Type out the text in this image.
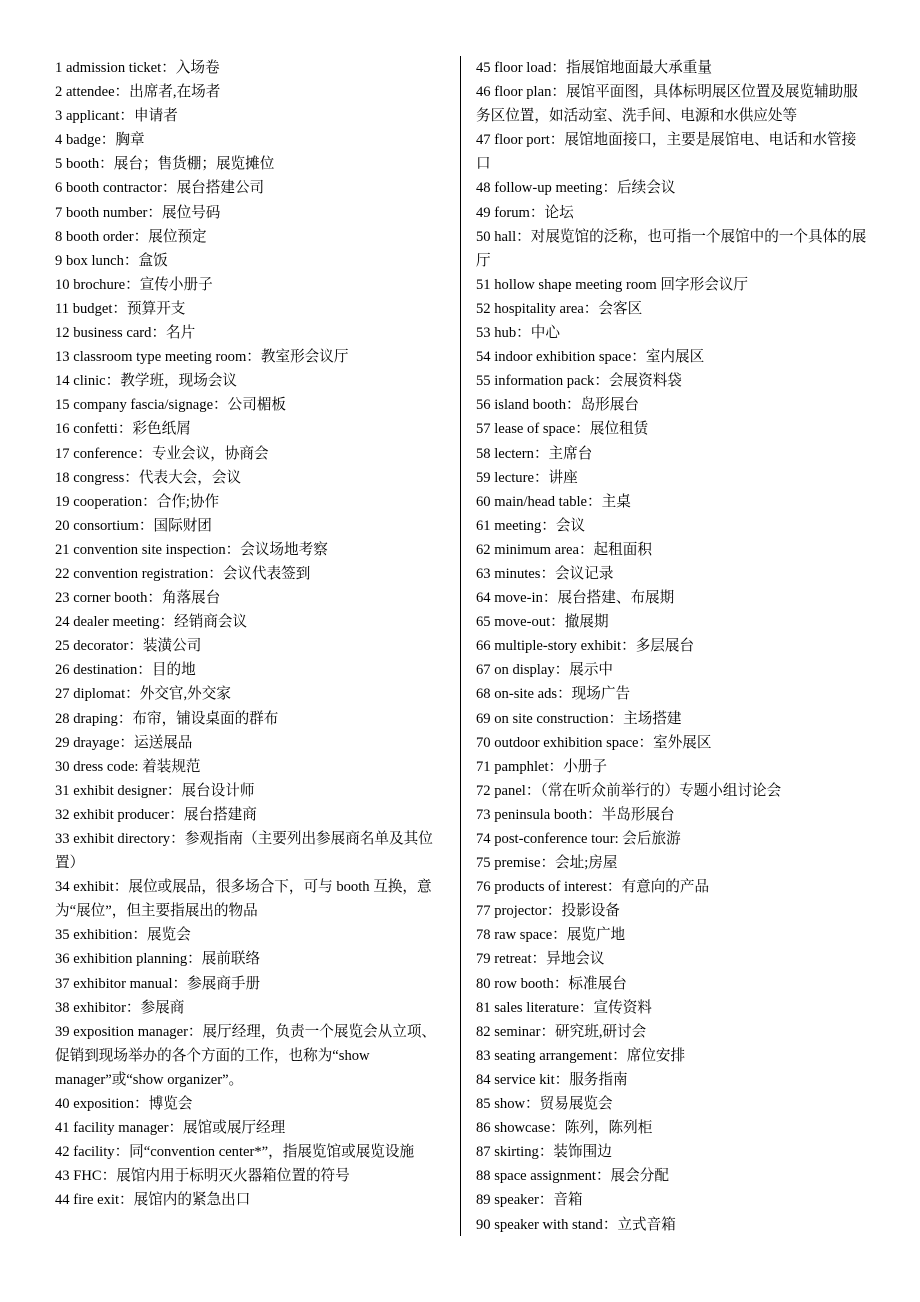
1 admission ticket：入场卷

2 attendee：出席者,在场者

3 applicant：申请者

4 badge：胸章

5 booth：展台；售货棚；展览摊位

6 booth contractor：展台搭建公司

7 booth number：展位号码

8 booth order：展位预定

9 box lunch：盒饭

10 brochure：宣传小册子

11 budget：预算开支

12 business card：名片

13 classroom type meeting room：教室形会议厅

14 clinic：教学班，现场会议

15 company fascia/signage：公司楣板

16 confetti：彩色纸屑

17 conference：专业会议，协商会

18 congress：代表大会，会议

19 cooperation：合作;协作

20 consortium：国际财团

21 convention site inspection：会议场地考察

22 convention registration：会议代表签到

23 corner booth：角落展台

24 dealer meeting：经销商会议

25 decorator：装潢公司

26 destination：目的地

27 diplomat：外交官,外交家

28 draping：布帘，铺设桌面的群布

29 drayage：运送展品

30 dress code: 着装规范

31 exhibit designer：展台设计师

32 exhibit producer：展台搭建商

33 exhibit directory：参观指南（主要列出参展商名单及其位置）

34 exhibit：展位或展品，很多场合下，可与 booth 互换，意为“展位”，但主要指展出的物品

35 exhibition：展览会

36 exhibition planning：展前联络

37 exhibitor manual：参展商手册

38 exhibitor：参展商

39 exposition manager：展厅经理，负责一个展览会从立项、促销到现场举办的各个方面的工作，也称为“show manager”或“show organizer”。

40 exposition：博览会

41 facility manager：展馆或展厅经理

42 facility：同“convention center*”，指展览馆或展览设施

43 FHC：展馆内用于标明灭火器箱位置的符号

44 fire exit：展馆内的紧急出口

45 floor load：指展馆地面最大承重量

46 floor plan：展馆平面图，具体标明展区位置及展览辅助服务区位置，如活动室、洗手间、电源和水供应处等

47 floor port：展馆地面接口，主要是展馆电、电话和水管接口

48 follow-up meeting：后续会议

49 forum：论坛

50 hall：对展览馆的泛称，也可指一个展馆中的一个具体的展厅

51 hollow shape meeting room 回字形会议厅

52 hospitality area：会客区

53 hub：中心

54 indoor exhibition space：室内展区

55 information pack：会展资料袋

56 island booth：岛形展台

57 lease of space：展位租赁

58 lectern：主席台

59 lecture：讲座

60 main/head table：主桌

61 meeting：会议

62 minimum area：起租面积

63 minutes：会议记录

64 move-in：展台搭建、布展期

65 move-out：撤展期

66 multiple-story exhibit：多层展台

67 on display：展示中

68 on-site ads：现场广告

69 on site construction：主场搭建

70 outdoor exhibition space：室外展区

71 pamphlet：小册子

72 panel：（常在听众前举行的）专题小组讨论会

73 peninsula booth：半岛形展台

74 post-conference tour: 会后旅游

75 premise：会址;房屋

76 products of interest：有意向的产品

77 projector：投影设备

78 raw space：展览广地

79 retreat：异地会议

80 row booth：标准展台

81 sales literature：宣传资料

82 seminar：研究班,研讨会

83 seating arrangement：席位安排

84 service kit：服务指南

85 show：贸易展览会

86 showcase：陈列，陈列柜

87 skirting：装饰围边

88 space assignment：展会分配

89 speaker：音箱

90 speaker with stand：立式音箱
